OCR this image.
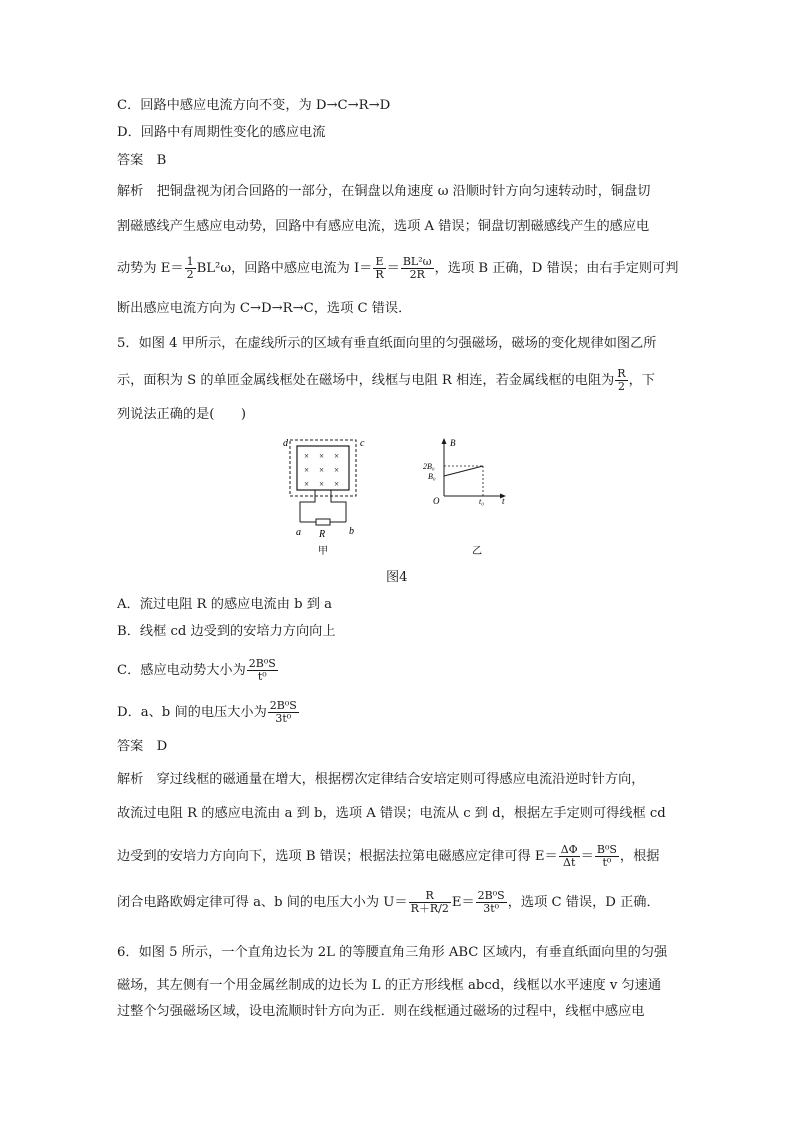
C．回路中感应电流方向不变，为 D→C→R→D
D．回路中有周期性变化的感应电流
答案　 B
解析　 把铜盘视为闭合回路的一部分，在铜盘以角速度 ω 沿顺时针方向匀速转动时，铜盘切
割磁感线产生感应电动势，回路中有感应电流，选项 A 错误；铜盘切割磁感线产生的感应电
动势为 $E= \frac{1}{2} BL^2\omega$，回路中感应电流为 $I= \frac{E}{R} = \frac{\text{BL²ω}}{2R}$ ，选项 B 正确，D 错误；由右手定则可判
断出感应电流方向为 C→D→R→C，选项 C 错误．
5．如图 4 甲所示，在虚线所示的区域有垂直纸面向里的匀强磁场，磁场的变化规律如图乙所
示，面积为 S 的单匝金属线框处在磁场中，线框与电阻 R 相连，若金属线框的电阻为 $\frac{R}{2}$ ，下
列说法正确的是(　　)
d	c
× × ×
× × ×
× × ×
a R b
甲
B
2B₀
B₀
O	t₀ t
乙
图4
A．流过电阻 R 的感应电流由 b 到 a
B．线框 cd 边受到的安培力方向向上
C．感应电动势大小为 $\frac{\text{2B⁰S}}{\text{t⁰}}$
D．a、b 间的电压大小为 $\frac{\text{2B⁰S}}{\text{3t⁰}}$
答案　 D
解析　 穿过线框的磁通量在增大，根据楞次定律结合安培定则可得感应电流沿逆时针方向，
故流过电阻 R 的感应电流由 a 到 b，选项 A 错误；电流从 c 到 d，根据左手定则可得线框 cd
边受到的安培力方向向下，选项 B 错误；根据法拉第电磁感应定律可得 $E= \frac{\Delta\Phi}{\Delta t} = \frac{\text{B⁰S}}{\text{t⁰}}$ ，根据
闭合电路欧姆定律可得 a、b 间的电压大小为 $U= \frac{R}{R+R/2} E= \frac{\text{2B⁰S}}{\text{3t⁰}}$ ，选项 C 错误，D 正确．
6．如图 5 所示，一个直角边长为 2L 的等腰直角三角形 ABC 区域内，有垂直纸面向里的匀强
磁场，其左侧有一个用金属丝制成的边长为 L 的正方形线框 abcd，线框以水平速度 v 匀速通
过整个匀强磁场区域，设电流顺时针方向为正．则在线框通过磁场的过程中，线框中感应电
